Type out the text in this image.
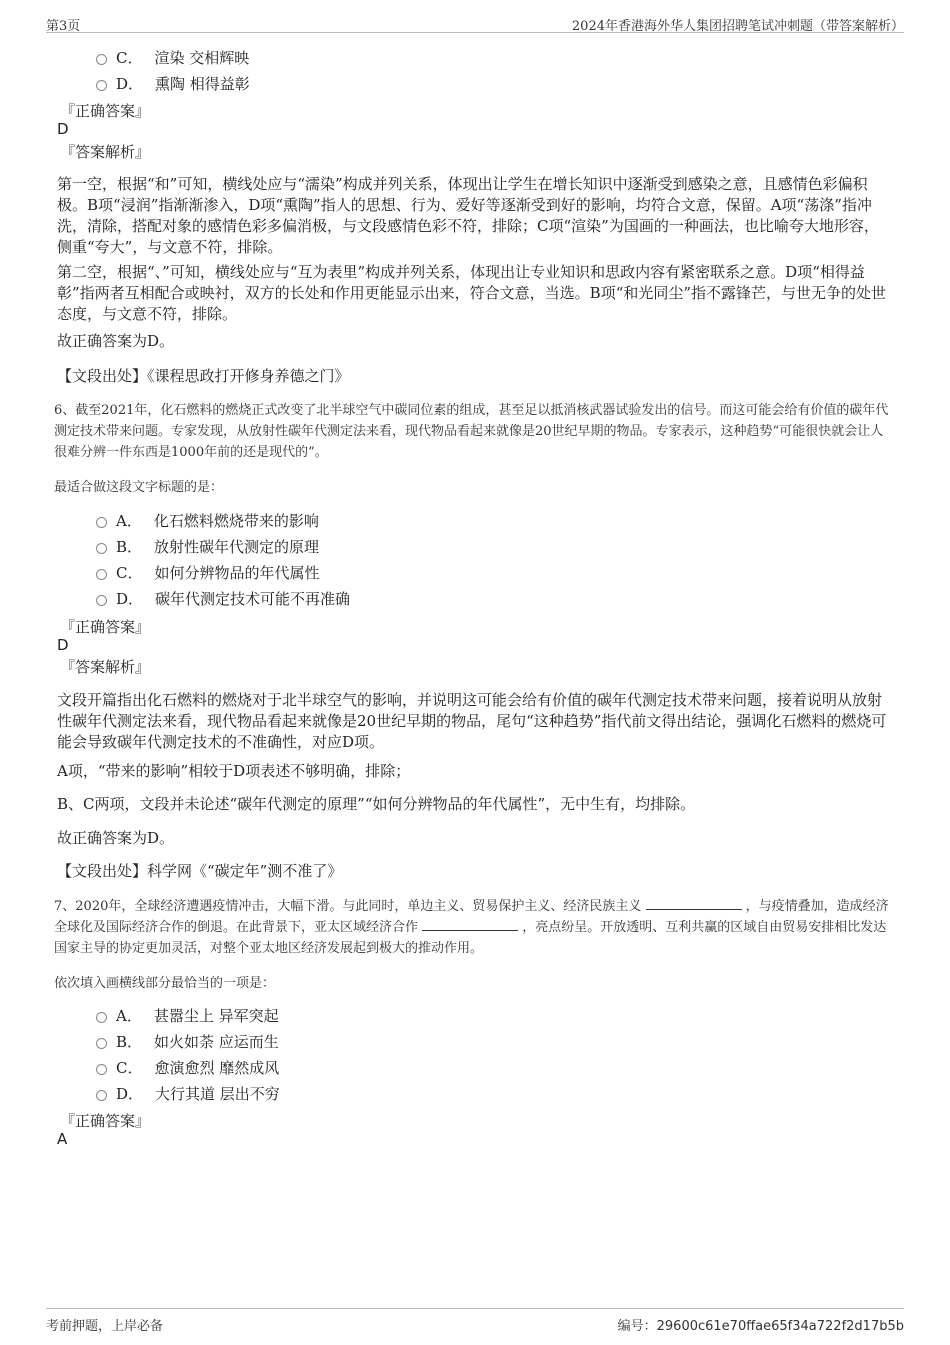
第3页	2024年香港海外华人集团招聘笔试冲刺题（带答案解析）
C． 渲染 交相辉映
D． 熏陶 相得益彰
『正确答案』
D
『答案解析』
第一空，根据“和”可知，横线处应与“濡染”构成并列关系，体现出让学生在增长知识中逐渐受到感染之意，且感情色彩偏积极。B项“浸润”指渐渐渗入，D项“熏陶”指人的思想、行为、爱好等逐渐受到好的影响，均符合文意，保留。A项“荡涤”指冲洗，清除，搭配对象的感情色彩多偏消极，与文段感情色彩不符，排除；C项“渲染”为国画的一种画法，也比喻夸大地形容，侧重“夸大”，与文意不符，排除。
第二空，根据“、”可知，横线处应与“互为表里”构成并列关系，体现出让专业知识和思政内容有紧密联系之意。D项“相得益彰”指两者互相配合或映衬，双方的长处和作用更能显示出来，符合文意，当选。B项“和光同尘”指不露锋芒，与世无争的处世态度，与文意不符，排除。
故正确答案为D。
【文段出处】《课程思政打开修身养德之门》
6、截至2021年，化石燃料的燃烧正式改变了北半球空气中碳同位素的组成，甚至足以抵消核武器试验发出的信号。而这可能会给有价值的碳年代测定技术带来问题。专家发现，从放射性碳年代测定法来看，现代物品看起来就像是20世纪早期的物品。专家表示，这种趋势“可能很快就会让人很难分辨一件东西是1000年前的还是现代的”。
最适合做这段文字标题的是：
A． 化石燃料燃烧带来的影响
B． 放射性碳年代测定的原理
C． 如何分辨物品的年代属性
D． 碳年代测定技术可能不再准确
『正确答案』
D
『答案解析』
文段开篇指出化石燃料的燃烧对于北半球空气的影响，并说明这可能会给有价值的碳年代测定技术带来问题，接着说明从放射性碳年代测定法来看，现代物品看起来就像是20世纪早期的物品，尾句“这种趋势”指代前文得出结论，强调化石燃料的燃烧可能会导致碳年代测定技术的不准确性，对应D项。
A项，“带来的影响”相较于D项表述不够明确，排除；
B、C两项，文段并未论述“碳年代测定的原理”“如何分辨物品的年代属性”，无中生有，均排除。
故正确答案为D。
【文段出处】科学网《“碳定年”测不准了》
7、2020年，全球经济遭遇疫情冲击，大幅下滑。与此同时，单边主义、贸易保护主义、经济民族主义	，与疫情叠加，造成经济全球化及国际经济合作的倒退。在此背景下，亚太区域经济合作	，亮点纷呈。开放透明、互利共赢的区域自由贸易安排相比发达国家主导的协定更加灵活，对整个亚太地区经济发展起到极大的推动作用。
依次填入画横线部分最恰当的一项是：
A． 甚嚣尘上 异军突起
B． 如火如荼 应运而生
C． 愈演愈烈 靡然成风
D． 大行其道 层出不穷
『正确答案』
A
考前押题，上岸必备	编号：29600c61e70ffae65f34a722f2d17b5b
